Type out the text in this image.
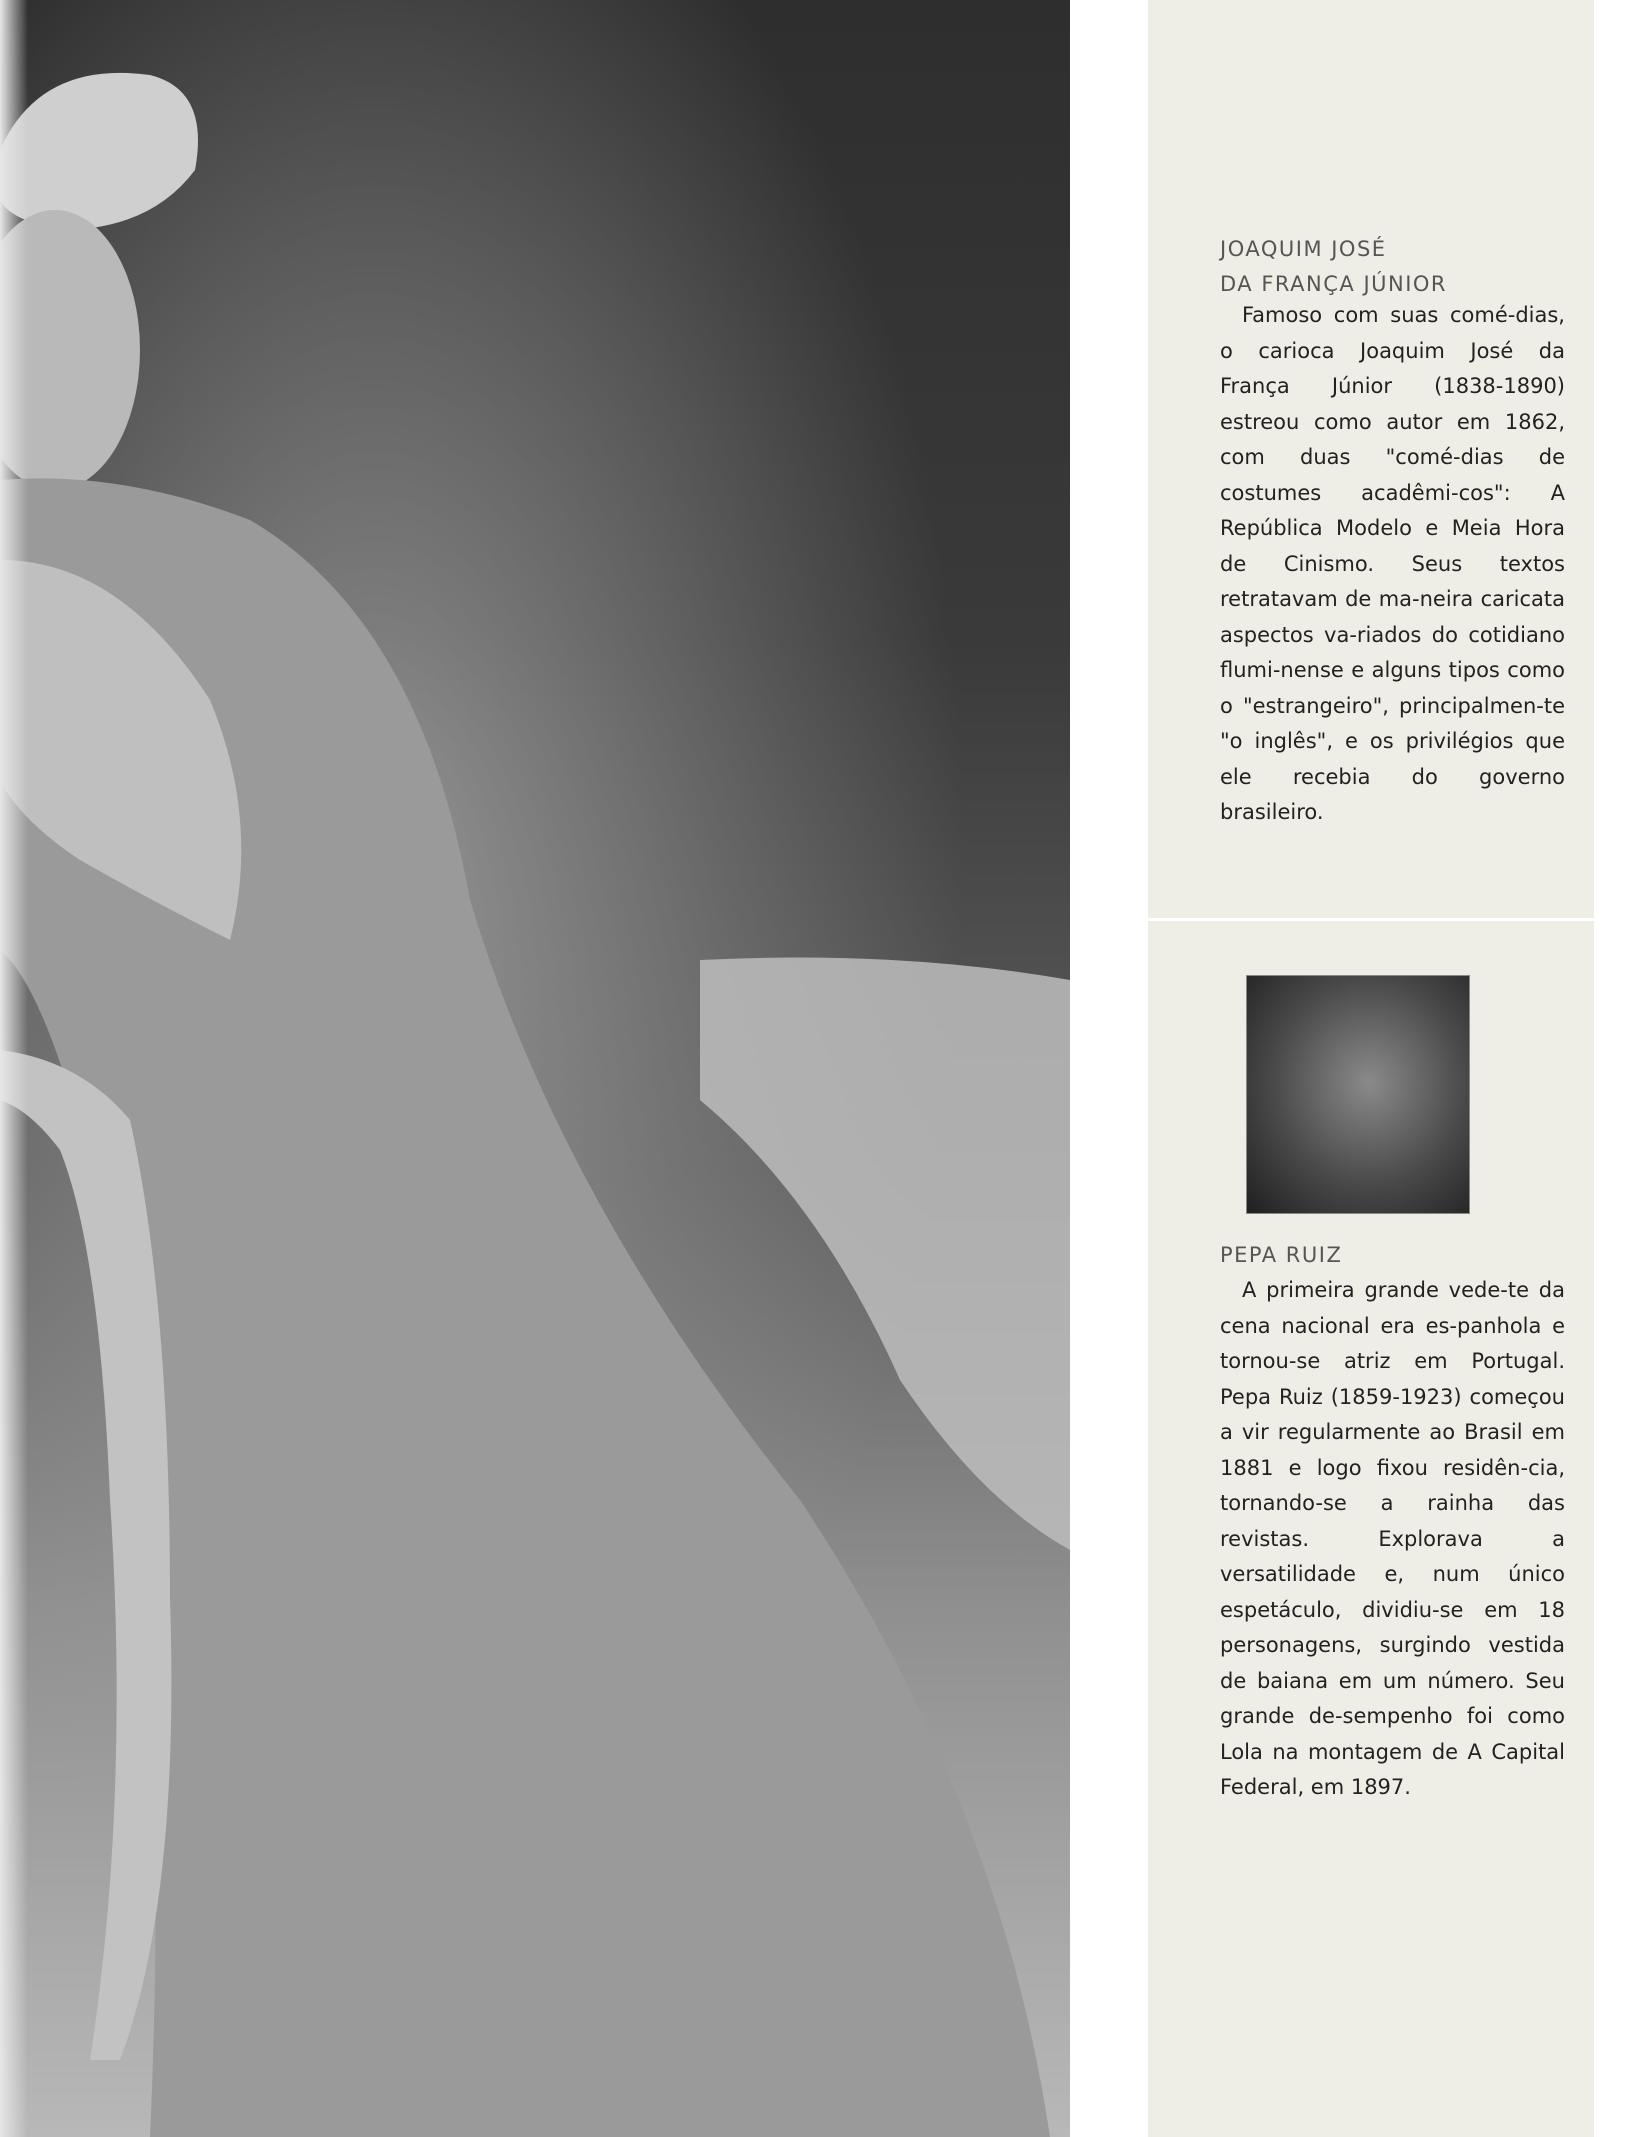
JOAQUIM JOSÉ
DA FRANÇA JÚNIOR

Famoso com suas comé-dias, o carioca Joaquim José da França Júnior (1838-1890) estreou como autor em 1862, com duas "comé-dias de costumes acadêmi-cos": A República Modelo e Meia Hora de Cinismo. Seus textos retratavam de ma-neira caricata aspectos va-riados do cotidiano flumi-nense e alguns tipos como o "estrangeiro", principalmen-te "o inglês", e os privilégios que ele recebia do governo brasileiro.

PEPA RUIZ

A primeira grande vede-te da cena nacional era es-panhola e tornou-se atriz em Portugal. Pepa Ruiz (1859-1923) começou a vir regularmente ao Brasil em 1881 e logo fixou residên-cia, tornando-se a rainha das revistas. Explorava a versatilidade e, num único espetáculo, dividiu-se em 18 personagens, surgindo vestida de baiana em um número. Seu grande de-sempenho foi como Lola na montagem de A Capital Federal, em 1897.
